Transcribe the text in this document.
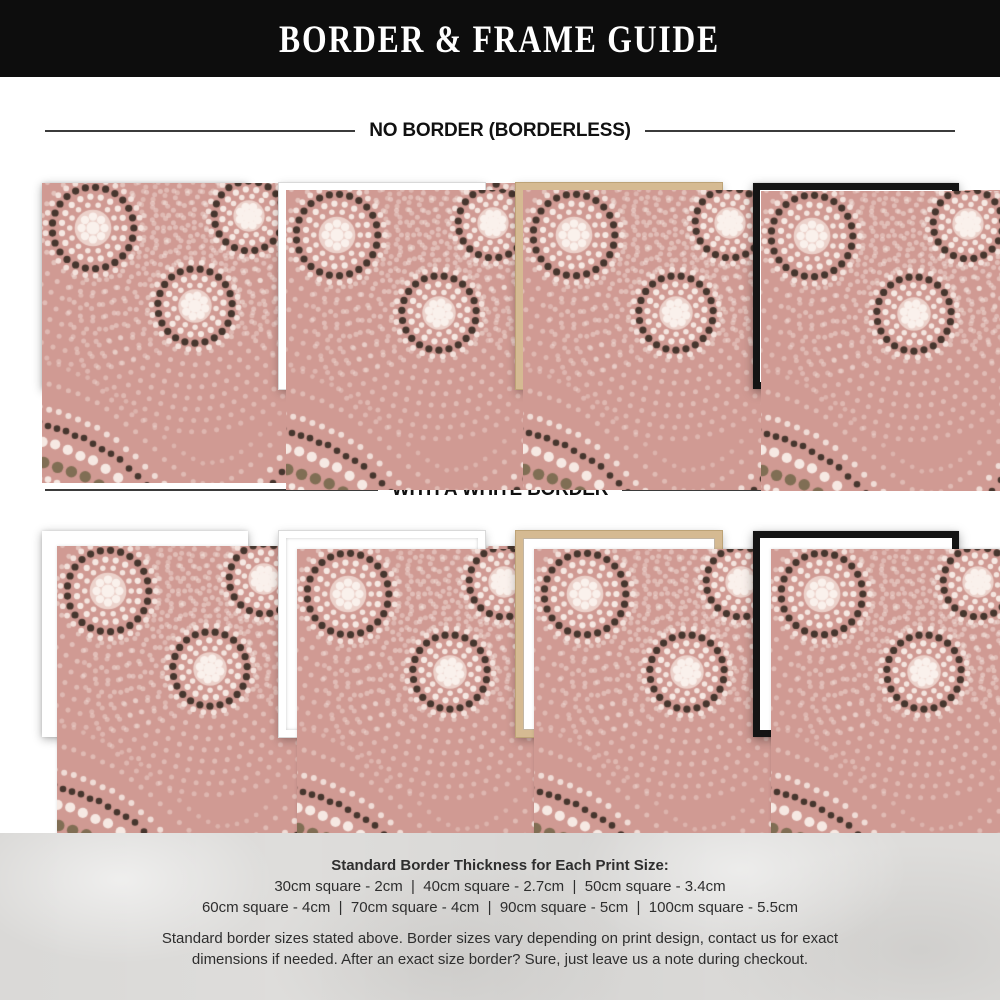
BORDER & FRAME GUIDE
NO BORDER (BORDERLESS)
Standard Border Thickness for Each Print Size:
30cm square - 2cm  |  40cm square - 2.7cm  |  50cm square - 3.4cm
60cm square - 4cm  |  70cm square - 4cm  |  90cm square - 5cm  |  100cm square - 5.5cm
Standard border sizes stated above. Border sizes vary depending on print design, contact us for exact
dimensions if needed. After an exact size border? Sure, just leave us a note during checkout.
